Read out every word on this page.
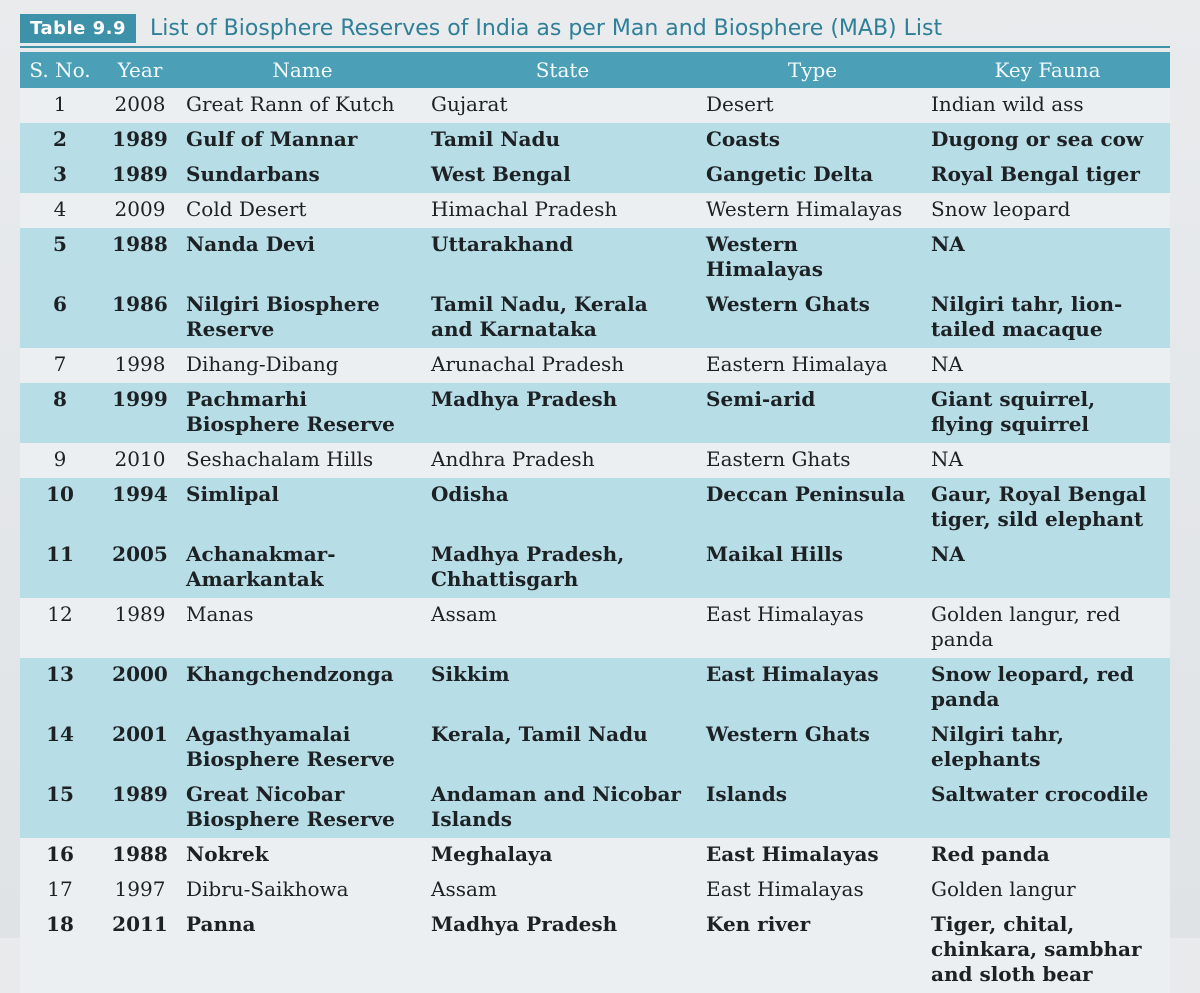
Table 9.9	List of Biosphere Reserves of India as per Man and Biosphere (MAB) List
S. No.	Year	Name	State	Type	Key Fauna
1	2008	Great Rann of Kutch	Gujarat	Desert	Indian wild ass
2	1989	Gulf of Mannar	Tamil Nadu	Coasts	Dugong or sea cow
3	1989	Sundarbans	West Bengal	Gangetic Delta	Royal Bengal tiger
4	2009	Cold Desert	Himachal Pradesh	Western Himalayas	Snow leopard
5	1988	Nanda Devi	Uttarakhand	Western Himalayas	NA
6	1986	Nilgiri Biosphere Reserve	Tamil Nadu, Kerala and Karnataka	Western Ghats	Nilgiri tahr, lion-tailed macaque
7	1998	Dihang-Dibang	Arunachal Pradesh	Eastern Himalaya	NA
8	1999	Pachmarhi Biosphere Reserve	Madhya Pradesh	Semi-arid	Giant squirrel, flying squirrel
9	2010	Seshachalam Hills	Andhra Pradesh	Eastern Ghats	NA
10	1994	Simlipal	Odisha	Deccan Peninsula	Gaur, Royal Bengal tiger, sild elephant
11	2005	Achanakmar-Amarkantak	Madhya Pradesh, Chhattisgarh	Maikal Hills	NA
12	1989	Manas	Assam	East Himalayas	Golden langur, red panda
13	2000	Khangchendzonga	Sikkim	East Himalayas	Snow leopard, red panda
14	2001	Agasthyamalai Biosphere Reserve	Kerala, Tamil Nadu	Western Ghats	Nilgiri tahr, elephants
15	1989	Great Nicobar Biosphere Reserve	Andaman and Nicobar Islands	Islands	Saltwater crocodile
16	1988	Nokrek	Meghalaya	East Himalayas	Red panda
17	1997	Dibru-Saikhowa	Assam	East Himalayas	Golden langur
18	2011	Panna	Madhya Pradesh	Ken river	Tiger, chital, chinkara, sambhar and sloth bear
